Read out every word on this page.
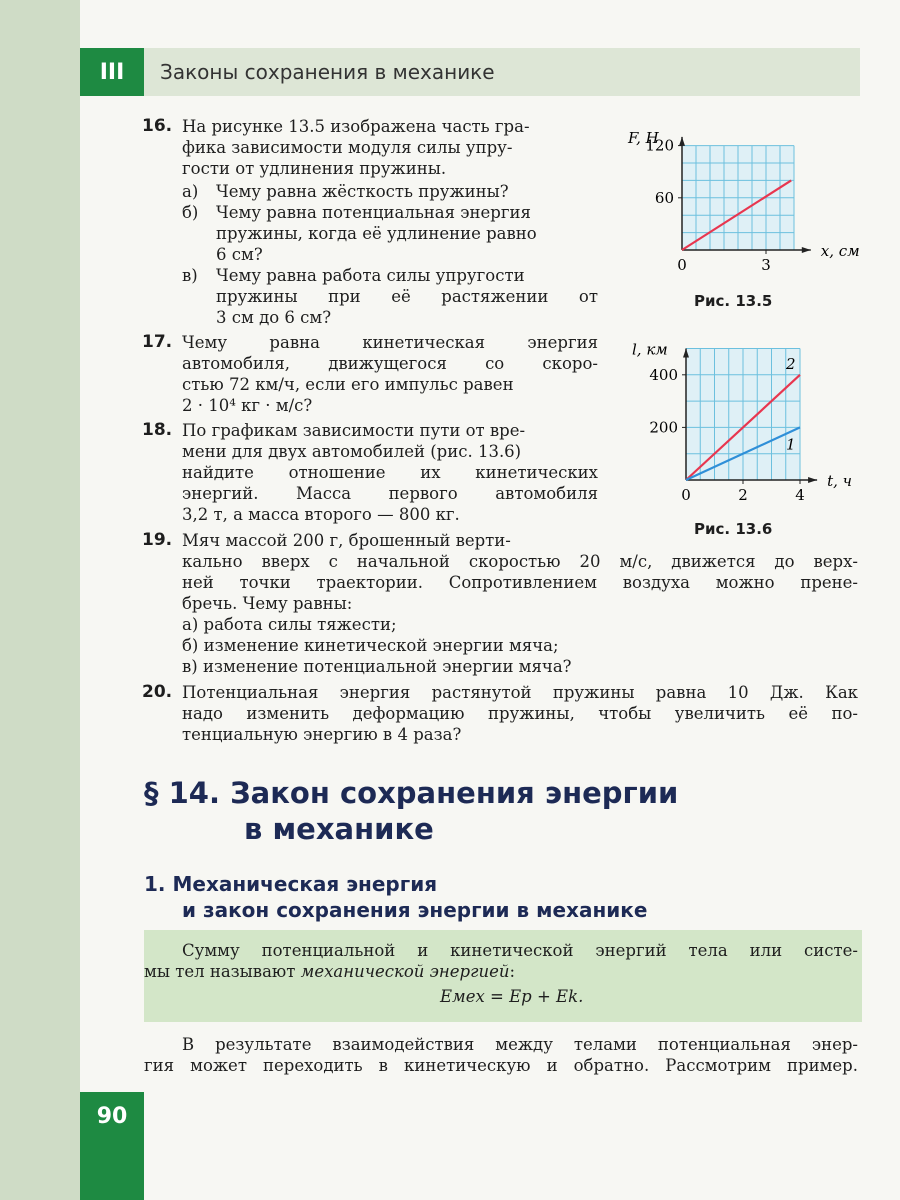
III	Законы сохранения в механике
16. На рисунке 13.5 изображена часть гра-
фика зависимости модуля силы упру-
гости от удлинения пружины.
а) Чему равна жёсткость пружины?
б) Чему равна потенциальная энергия
пружины, когда её удлинение равно
6 см?
в) Чему равна работа силы упругости
пружины при её растяжении от
3 см до 6 см?
17. Чему равна кинетическая энергия
автомобиля, движущегося со скоро-
стью 72 км/ч, если его импульс равен
2 · 10⁴ кг · м/с?
18. По графикам зависимости пути от вре-
мени для двух автомобилей (рис. 13.6)
найдите отношение их кинетических
энергий. Масса первого автомобиля
3,2 т, а масса второго — 800 кг.
19. Мяч массой 200 г, брошенный верти-
кально вверх с начальной скоростью 20 м/с, движется до верх-
ней точки траектории. Сопротивлением воздуха можно прене-
бречь. Чему равны:
а) работа силы тяжести;
б) изменение кинетической энергии мяча;
в) изменение потенциальной энергии мяча?
20. Потенциальная энергия растянутой пружины равна 10 Дж. Как
надо изменить деформацию пружины, чтобы увеличить её по-
тенциальную энергию в 4 раза?
0	3
60
120
x, см
F, Н
Рис. 13.5
0	2	4
200
400
t, ч
l, км
2
1
Рис. 13.6
§ 14. Закон сохранения энергии
в механике
1. Механическая энергия
и закон сохранения энергии в механике
Сумму потенциальной и кинетической энергий тела или систе-
мы тел называют механической энергией:
Eмех = Ep + Ek.
В результате взаимодействия между телами потенциальная энер-
гия может переходить в кинетическую и обратно. Рассмотрим пример.
90
